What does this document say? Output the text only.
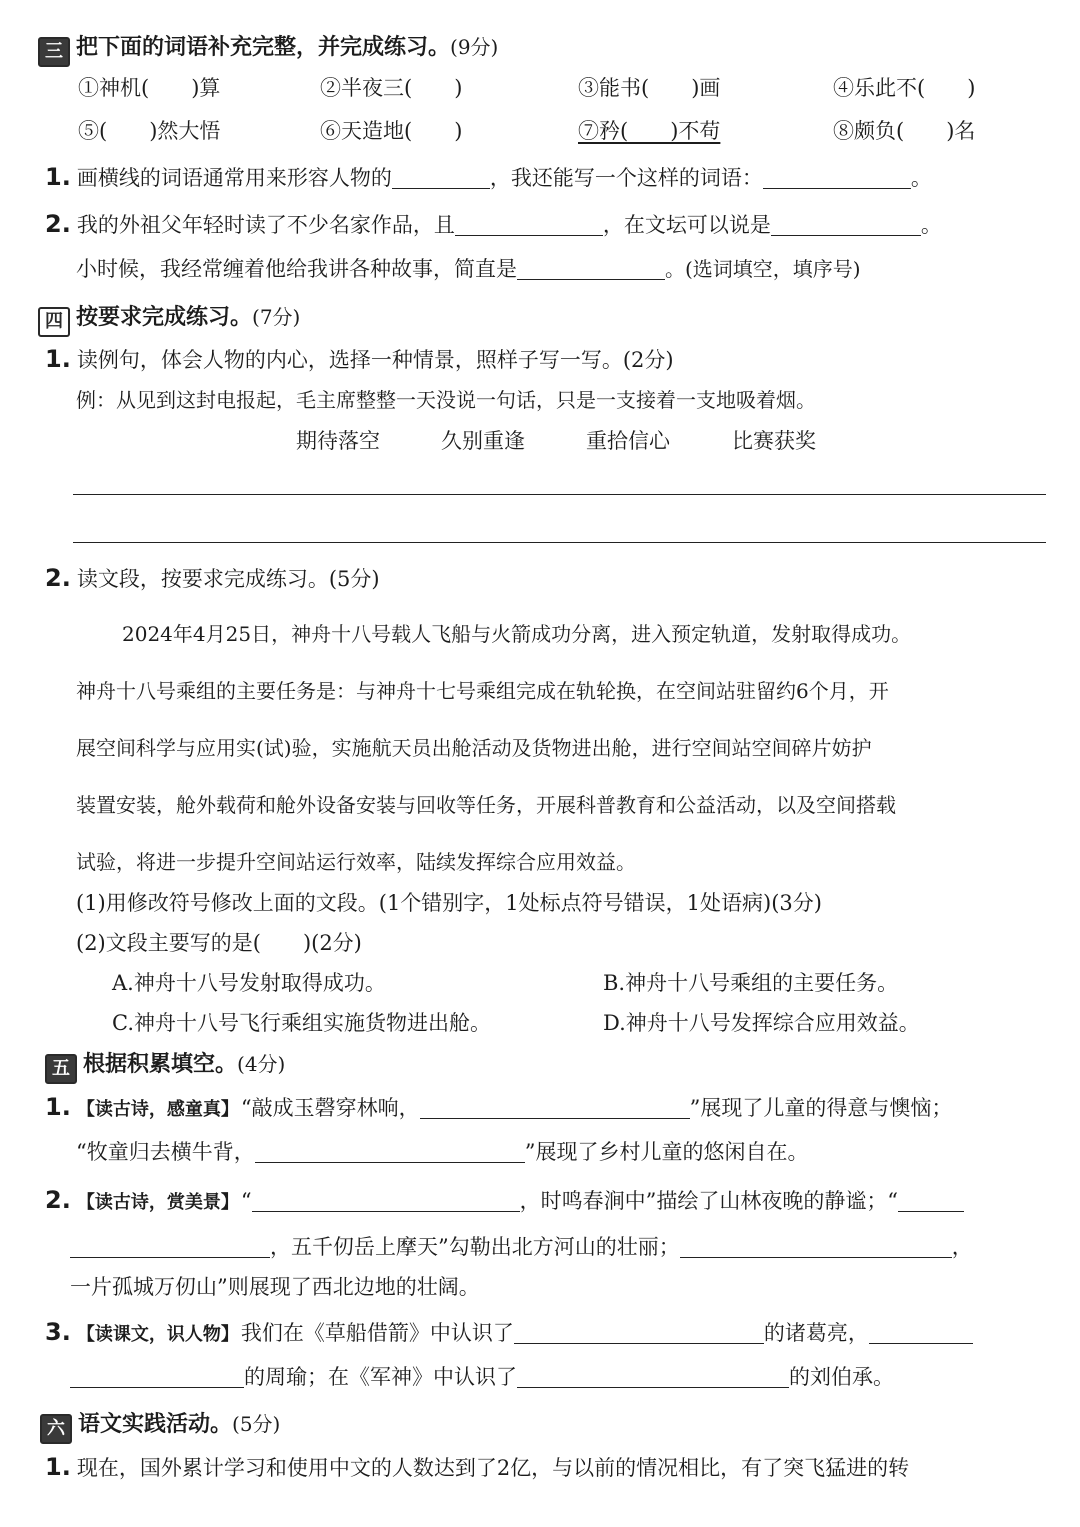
三 把下面的词语补充完整，并完成练习。(9分)
①神机(　　)算	②半夜三(　　)	③能书(　　)画	④乐此不(　　)
⑤(　　)然大悟	⑥天造地(　　)	⑦矜(　　)不苟	⑧颇负(　　)名
1. 画横线的词语通常用来形容人物的	，我还能写一个这样的词语：	。
2. 我的外祖父年轻时读了不少名家作品，且	，在文坛可以说是	。
小时候，我经常缠着他给我讲各种故事，简直是	。(选词填空，填序号)
四 按要求完成练习。(7分)
1. 读例句，体会人物的内心，选择一种情景，照样子写一写。(2分)
例：从见到这封电报起，毛主席整整一天没说一句话，只是一支接着一支地吸着烟。
期待落空	久别重逢	重拾信心	比赛获奖
2. 读文段，按要求完成练习。(5分)
2024年4月25日，神舟十八号载人飞船与火箭成功分离，进入预定轨道，发射取得成功。
神舟十八号乘组的主要任务是：与神舟十七号乘组完成在轨轮换，在空间站驻留约6个月，开
展空间科学与应用实(试)验，实施航天员出舱活动及货物进出舱，进行空间站空间碎片妨护
装置安装，舱外载荷和舱外设备安装与回收等任务，开展科普教育和公益活动，以及空间搭载
试验，将进一步提升空间站运行效率，陆续发挥综合应用效益。
(1)用修改符号修改上面的文段。(1个错别字，1处标点符号错误，1处语病)(3分)
(2)文段主要写的是(　　)(2分)
A.神舟十八号发射取得成功。	B.神舟十八号乘组的主要任务。
C.神舟十八号飞行乘组实施货物进出舱。	D.神舟十八号发挥综合应用效益。
五 根据积累填空。(4分)
1. 【读古诗，感童真】“敲成玉磬穿林响，	”展现了儿童的得意与懊恼；
“牧童归去横牛背，	”展现了乡村儿童的悠闲自在。
2. 【读古诗，赏美景】“	，时鸣春涧中”描绘了山林夜晚的静谧；“
，五千仞岳上摩天”勾勒出北方河山的壮丽；	，
一片孤城万仞山”则展现了西北边地的壮阔。
3. 【读课文，识人物】我们在《草船借箭》中认识了	的诸葛亮，
的周瑜；在《军神》中认识了	的刘伯承。
六 语文实践活动。(5分)
1. 现在，国外累计学习和使用中文的人数达到了2亿，与以前的情况相比，有了突飞猛进的转
